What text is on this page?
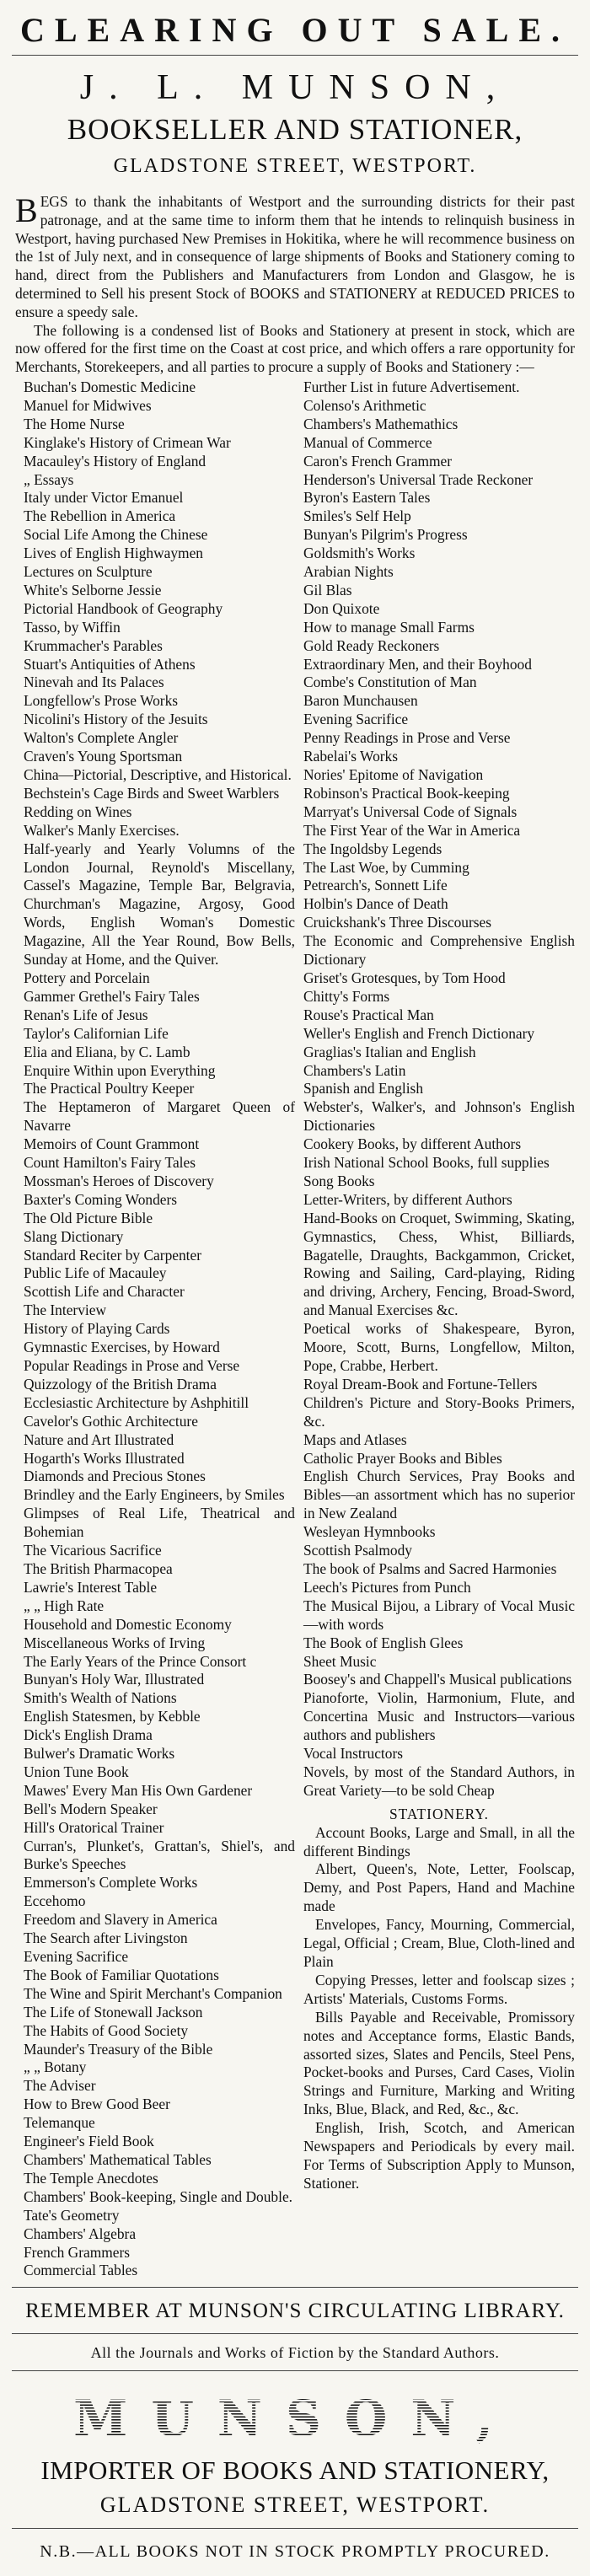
CLEARING OUT SALE.
J. L. MUNSON,
BOOKSELLER AND STATIONER,
GLADSTONE STREET, WESTPORT.

BEGS to thank the inhabitants of Westport and the surrounding districts for their past patronage, and at the same time to inform them that he intends to relinquish business in Westport, having purchased New Premises in Hokitika, where he will recommence business on the 1st of July next, and in consequence of large shipments of Books and Stationery coming to hand, direct from the Publishers and Manufacturers from London and Glasgow, he is determined to Sell his present Stock of BOOKS and STATIONERY at REDUCED PRICES to ensure a speedy sale.

The following is a condensed list of Books and Stationery at present in stock, which are now offered for the first time on the Coast at cost price, and which offers a rare opportunity for Merchants, Storekeepers, and all parties to procure a supply of Books and Stationery :—

Buchan's Domestic Medicine
Manuel for Midwives
The Home Nurse
Kinglake's History of Crimean War
Macauley's History of England
„ Essays
Italy under Victor Emanuel
The Rebellion in America
Social Life Among the Chinese
Lives of English Highwaymen
Lectures on Sculpture
White's Selborne Jessie
Pictorial Handbook of Geography
Tasso, by Wiffin
Krummacher's Parables
Stuart's Antiquities of Athens
Ninevah and Its Palaces
Longfellow's Prose Works
Nicolini's History of the Jesuits
Walton's Complete Angler
Craven's Young Sportsman
China—Pictorial, Descriptive, and Historical.
Bechstein's Cage Birds and Sweet Warblers
Redding on Wines
Walker's Manly Exercises.
Half-yearly and Yearly Volumns of the London Journal, Reynold's Miscellany, Cassel's Magazine, Temple Bar, Belgravia, Churchman's Magazine, Argosy, Good Words, English Woman's Domestic Magazine, All the Year Round, Bow Bells, Sunday at Home, and the Quiver.
Pottery and Porcelain
Gammer Grethel's Fairy Tales
Renan's Life of Jesus
Taylor's Californian Life
Elia and Eliana, by C. Lamb
Enquire Within upon Everything
The Practical Poultry Keeper
The Heptameron of Margaret Queen of Navarre
Memoirs of Count Grammont
Count Hamilton's Fairy Tales
Mossman's Heroes of Discovery
Baxter's Coming Wonders
The Old Picture Bible
Slang Dictionary
Standard Reciter by Carpenter
Public Life of Macauley
Scottish Life and Character
The Interview
History of Playing Cards
Gymnastic Exercises, by Howard
Popular Readings in Prose and Verse
Quizzology of the British Drama
Ecclesiastic Architecture by Ashphitill
Cavelor's Gothic Architecture
Nature and Art Illustrated
Hogarth's Works Illustrated
Diamonds and Precious Stones
Brindley and the Early Engineers, by Smiles
Glimpses of Real Life, Theatrical and Bohemian
The Vicarious Sacrifice
The British Pharmacopea
Lawrie's Interest Table
„ „ High Rate
Household and Domestic Economy
Miscellaneous Works of Irving
The Early Years of the Prince Consort
Bunyan's Holy War, Illustrated
Smith's Wealth of Nations
English Statesmen, by Kebble
Dick's English Drama
Bulwer's Dramatic Works
Union Tune Book
Mawes' Every Man His Own Gardener
Bell's Modern Speaker
Hill's Oratorical Trainer
Curran's, Plunket's, Grattan's, Shiel's, and Burke's Speeches
Emmerson's Complete Works
Eccehomo
Freedom and Slavery in America
The Search after Livingston
Evening Sacrifice
The Book of Familiar Quotations
The Wine and Spirit Merchant's Companion
The Life of Stonewall Jackson
The Habits of Good Society
Maunder's Treasury of the Bible
„ „ Botany
The Adviser
How to Brew Good Beer
Telemanque
Engineer's Field Book
Chambers' Mathematical Tables
The Temple Anecdotes
Chambers' Book-keeping, Single and Double.
Tate's Geometry
Chambers' Algebra
French Grammers
Commercial Tables
Further List in future Advertisement.
Colenso's Arithmetic
Chambers's Mathemathics
Manual of Commerce
Caron's French Grammer
Henderson's Universal Trade Reckoner
Byron's Eastern Tales
Smiles's Self Help
Bunyan's Pilgrim's Progress
Goldsmith's Works
Arabian Nights
Gil Blas
Don Quixote
How to manage Small Farms
Gold Ready Reckoners
Extraordinary Men, and their Boyhood
Combe's Constitution of Man
Baron Munchausen
Evening Sacrifice
Penny Readings in Prose and Verse
Rabelai's Works
Nories' Epitome of Navigation
Robinson's Practical Book-keeping
Marryat's Universal Code of Signals
The First Year of the War in America
The Ingoldsby Legends
The Last Woe, by Cumming
Petrearch's, Sonnett Life
Holbin's Dance of Death
Cruickshank's Three Discourses
The Economic and Comprehensive English Dictionary
Griset's Grotesques, by Tom Hood
Chitty's Forms
Rouse's Practical Man
Weller's English and French Dictionary
Graglias's Italian and English
Chambers's Latin
Spanish and English
Webster's, Walker's, and Johnson's English Dictionaries
Cookery Books, by different Authors
Irish National School Books, full supplies
Song Books
Letter-Writers, by different Authors
Hand-Books on Croquet, Swimming, Skating, Gymnastics, Chess, Whist, Billiards, Bagatelle, Draughts, Backgammon, Cricket, Rowing and Sailing, Card-playing, Riding and driving, Archery, Fencing, Broad-Sword, and Manual Exercises &c.
Poetical works of Shakespeare, Byron, Moore, Scott, Burns, Longfellow, Milton, Pope, Crabbe, Herbert.
Royal Dream-Book and Fortune-Tellers
Children's Picture and Story-Books Primers, &c.
Maps and Atlases
Catholic Prayer Books and Bibles
English Church Services, Pray Books and Bibles—an assortment which has no superior in New Zealand
Wesleyan Hymnbooks
Scottish Psalmody
The book of Psalms and Sacred Harmonies
Leech's Pictures from Punch
The Musical Bijou, a Library of Vocal Music—with words
The Book of English Glees
Sheet Music
Boosey's and Chappell's Musical publications
Pianoforte, Violin, Harmonium, Flute, and Concertina Music and Instructors—various authors and publishers
Vocal Instructors
Novels, by most of the Standard Authors, in Great Variety—to be sold Cheap
STATIONERY.
Account Books, Large and Small, in all the different Bindings
Albert, Queen's, Note, Letter, Foolscap, Demy, and Post Papers, Hand and Machine made
Envelopes, Fancy, Mourning, Commercial, Legal, Official ; Cream, Blue, Cloth-lined and Plain
Copying Presses, letter and foolscap sizes ; Artists' Materials, Customs Forms.
Bills Payable and Receivable, Promissory notes and Acceptance forms, Elastic Bands, assorted sizes, Slates and Pencils, Steel Pens, Pocket-books and Purses, Card Cases, Violin Strings and Furniture, Marking and Writing Inks, Blue, Black, and Red, &c., &c.
English, Irish, Scotch, and American Newspapers and Periodicals by every mail. For Terms of Subscription Apply to Munson, Stationer.
REMEMBER AT MUNSON'S CIRCULATING LIBRARY.
All the Journals and Works of Fiction by the Standard Authors.
MUNSON,
IMPORTER OF BOOKS AND STATIONERY,
GLADSTONE STREET, WESTPORT.
N.B.—ALL BOOKS NOT IN STOCK PROMPTLY PROCURED.
